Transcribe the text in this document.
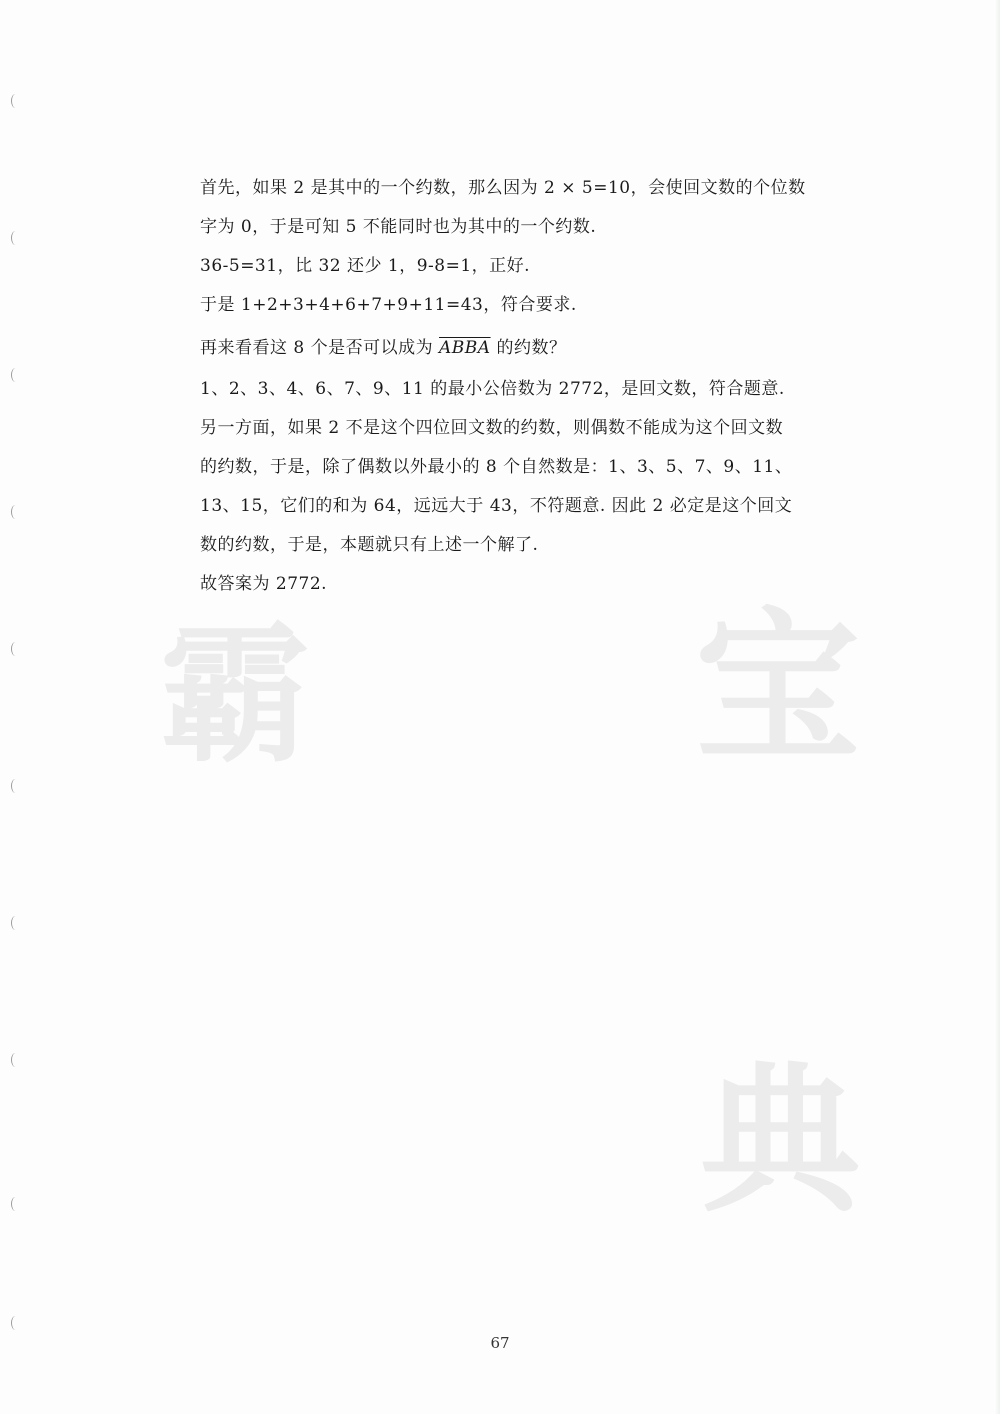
霸 宝
典

首先，如果 2 是其中的一个约数，那么因为 2 × 5=10，会使回文数的个位数

字为 0，于是可知 5 不能同时也为其中的一个约数.

36-5=31，比 32 还少 1，9-8=1，正好.

于是 1+2+3+4+6+7+9+11=43，符合要求.

再来看看这 8 个是否可以成为 ABBA 的约数？

1、2、3、4、6、7、9、11 的最小公倍数为 2772，是回文数，符合题意.

另一方面，如果 2 不是这个四位回文数的约数，则偶数不能成为这个回文数

的约数，于是，除了偶数以外最小的 8 个自然数是：1、3、5、7、9、11、

13、15，它们的和为 64，远远大于 43，不符题意. 因此 2 必定是这个回文

数的约数，于是，本题就只有上述一个解了.

故答案为 2772.

67
